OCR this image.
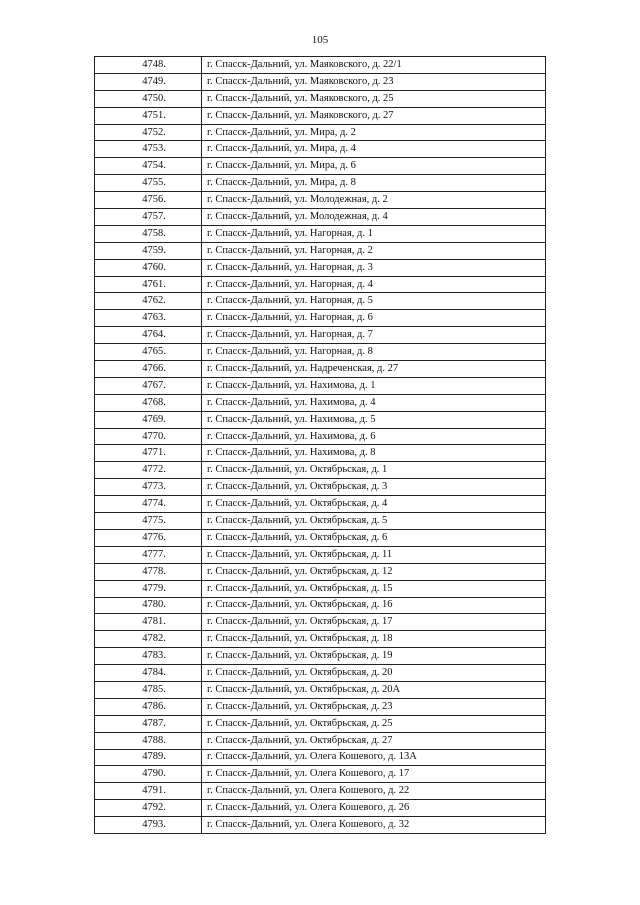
105
4748.	г. Спасск-Дальний, ул. Маяковского, д. 22/1
4749.	г. Спасск-Дальний, ул. Маяковского, д. 23
4750.	г. Спасск-Дальний, ул. Маяковского, д. 25
4751.	г. Спасск-Дальний, ул. Маяковского, д. 27
4752.	г. Спасск-Дальний, ул. Мира, д. 2
4753.	г. Спасск-Дальний, ул. Мира, д. 4
4754.	г. Спасск-Дальний, ул. Мира, д. 6
4755.	г. Спасск-Дальний, ул. Мира, д. 8
4756.	г. Спасск-Дальний, ул. Молодежная, д. 2
4757.	г. Спасск-Дальний, ул. Молодежная, д. 4
4758.	г. Спасск-Дальний, ул. Нагорная, д. 1
4759.	г. Спасск-Дальний, ул. Нагорная, д. 2
4760.	г. Спасск-Дальний, ул. Нагорная, д. 3
4761.	г. Спасск-Дальний, ул. Нагорная, д. 4
4762.	г. Спасск-Дальний, ул. Нагорная, д. 5
4763.	г. Спасск-Дальний, ул. Нагорная, д. 6
4764.	г. Спасск-Дальний, ул. Нагорная, д. 7
4765.	г. Спасск-Дальний, ул. Нагорная, д. 8
4766.	г. Спасск-Дальний, ул. Надреченская, д. 27
4767.	г. Спасск-Дальний, ул. Нахимова, д. 1
4768.	г. Спасск-Дальний, ул. Нахимова, д. 4
4769.	г. Спасск-Дальний, ул. Нахимова, д. 5
4770.	г. Спасск-Дальний, ул. Нахимова, д. 6
4771.	г. Спасск-Дальний, ул. Нахимова, д. 8
4772.	г. Спасск-Дальний, ул. Октябрьская, д. 1
4773.	г. Спасск-Дальний, ул. Октябрьская, д. 3
4774.	г. Спасск-Дальний, ул. Октябрьская, д. 4
4775.	г. Спасск-Дальний, ул. Октябрьская, д. 5
4776.	г. Спасск-Дальний, ул. Октябрьская, д. 6
4777.	г. Спасск-Дальний, ул. Октябрьская, д. 11
4778.	г. Спасск-Дальний, ул. Октябрьская, д. 12
4779.	г. Спасск-Дальний, ул. Октябрьская, д. 15
4780.	г. Спасск-Дальний, ул. Октябрьская, д. 16
4781.	г. Спасск-Дальний, ул. Октябрьская, д. 17
4782.	г. Спасск-Дальний, ул. Октябрьская, д. 18
4783.	г. Спасск-Дальний, ул. Октябрьская, д. 19
4784.	г. Спасск-Дальний, ул. Октябрьская, д. 20
4785.	г. Спасск-Дальний, ул. Октябрьская, д. 20А
4786.	г. Спасск-Дальний, ул. Октябрьская, д. 23
4787.	г. Спасск-Дальний, ул. Октябрьская, д. 25
4788.	г. Спасск-Дальний, ул. Октябрьская, д. 27
4789.	г. Спасск-Дальний, ул. Олега Кошевого, д. 13А
4790.	г. Спасск-Дальний, ул. Олега Кошевого, д. 17
4791.	г. Спасск-Дальний, ул. Олега Кошевого, д. 22
4792.	г. Спасск-Дальний, ул. Олега Кошевого, д. 26
4793.	г. Спасск-Дальний, ул. Олега Кошевого, д. 32
